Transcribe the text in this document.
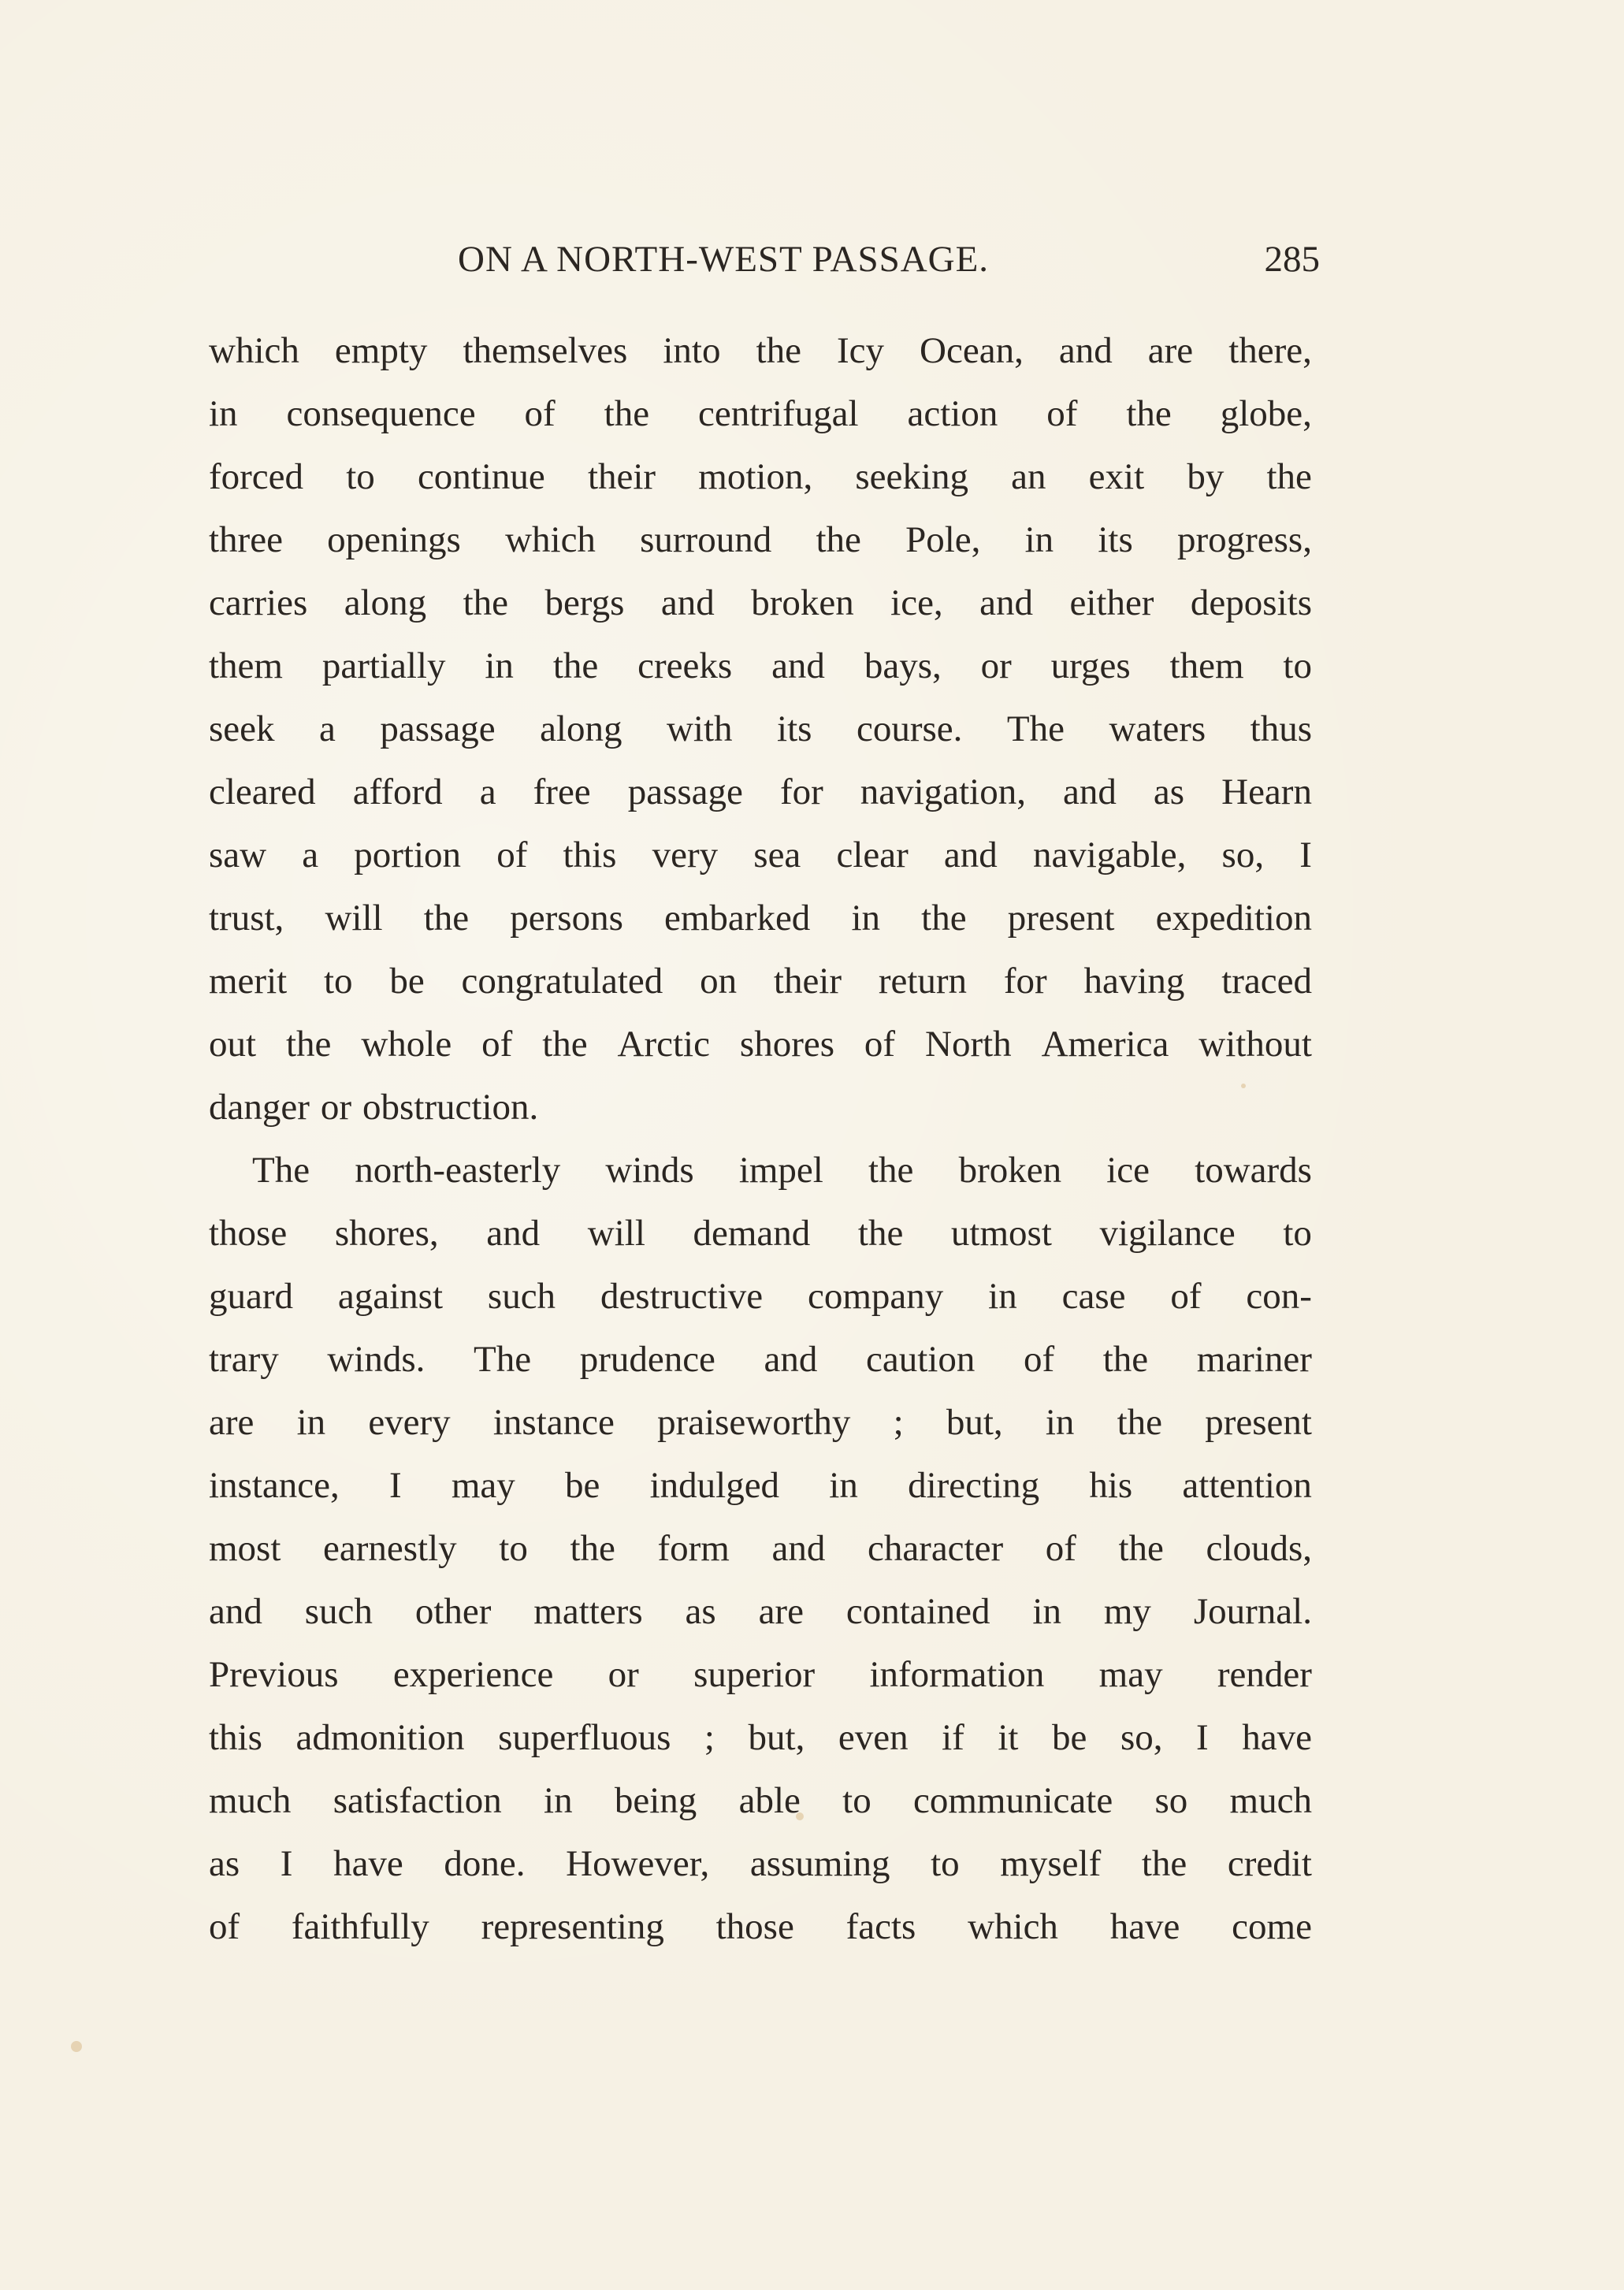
ON A NORTH-WEST PASSAGE.	285
which empty themselves into the Icy Ocean, and are there,
in consequence of the centrifugal action of the globe,
forced to continue their motion, seeking an exit by the
three openings which surround the Pole, in its progress,
carries along the bergs and broken ice, and either deposits
them partially in the creeks and bays, or urges them to
seek a passage along with its course. The waters thus
cleared afford a free passage for navigation, and as Hearn
saw a portion of this very sea clear and navigable, so, I
trust, will the persons embarked in the present expedition
merit to be congratulated on their return for having traced
out the whole of the Arctic shores of North America without
danger or obstruction.
The north-easterly winds impel the broken ice towards
those shores, and will demand the utmost vigilance to
guard against such destructive company in case of con-
trary winds. The prudence and caution of the mariner
are in every instance praiseworthy ; but, in the present
instance, I may be indulged in directing his attention
most earnestly to the form and character of the clouds,
and such other matters as are contained in my Journal.
Previous experience or superior information may render
this admonition superfluous ; but, even if it be so, I have
much satisfaction in being able to communicate so much
as I have done. However, assuming to myself the credit
of faithfully representing those facts which have come
